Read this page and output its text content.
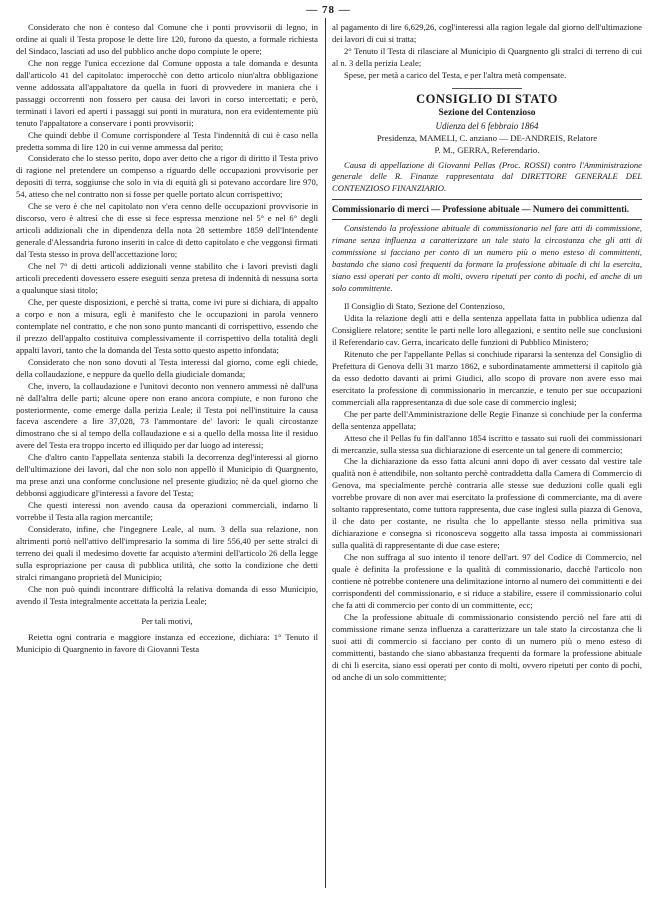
— 78 —

Considerato che non è conteso dal Comune che i ponti provvisorii di legno, in ordine ai quali il Testa propose le dette lire 120, furono da questo, a formale richiesta del Sindaco, lasciati ad uso del pubblico anche dopo compiute le opere;

Che non regge l'unica eccezione dal Comune opposta a tale domanda e desunta dall'articolo 41 del capitolato: imperocchè con detto articolo niun'altra obbligazione venne addossata all'appaltatore da quella in fuori di provvedere in maniera che i passaggi occorrenti non fossero per causa dei lavori in corso intercettati; e però, terminati i lavori ed aperti i passaggi sui ponti in muratura, non era evidentemente più tenuto l'appaltatore a conservare i ponti provvisorii;

Che quindi debbe il Comune corrispondere al Testa l'indennità di cui è caso nella predetta somma di lire 120 in cui venne ammessa dal perito;

Considerato che lo stesso perito, dopo aver detto che a rigor di diritto il Testa privo di ragione nel pretendere un compenso a riguardo delle occupazioni provvisorie per depositi di terra, soggiunse che solo in via di equità gli si potevano accordare lire 970, 54, atteso che nel contratto non si fosse per quelle portato alcun corrispettivo;

Che se vero è che nel capitolato non v'era cenno delle occupazioni provvisorie in discorso, vero è altresì che di esse si fece espressa menzione nel 5° e nel 6° degli articoli addizionali che in dipendenza della nota 28 settembre 1859 dell'Intendente generale d'Alessandria furono inseriti in calce di detto capitolato e che veggonsi firmati dal Testa stesso in prova dell'accettazione loro;

Che nel 7° di detti articoli addizionali venne stabilito che i lavori previsti dagli articoli precedenti dovessero essere eseguiti senza pretesa di indennità di nessuna sorta a qualunque siasi titolo;

Che, per queste disposizioni, e perchè si tratta, come ivi pure si dichiara, di appalto a corpo e non a misura, egli è manifesto che le occupazioni in parola vennero contemplate nel contratto, e che non sono punto mancanti di corrispettivo, essendo che il prezzo dell'appalto costituiva complessivamente il corrispettivo della totalità degli appalti lavori, tanto che la domanda del Testa sotto questo aspetto infondata;

Considerato che non sono dovuti al Testa interessi dal giorno, come egli chiede, della collaudazione, e neppure da quello della giudiciale domanda;

Che, invero, la collaudazione e l'unitovi deconto non vennero ammessi nè dall'una nè dall'altra delle parti; alcune opere non erano ancora compiute, e non furono che posteriormente, come emerge dalla perizia Leale; il Testa poi nell'instituire la causa faceva ascendere a lire 37,028, 73 l'ammontare de' lavori: le quali circostanze dimostrano che si al tempo della collaudazione e si a quello della mossa lite il residuo avere del Testa era troppo incerto ed illiquido per dar luogo ad interessi;

Che d'altro canto l'appellata sentenza stabili la decorrenza degl'interessi al giorno dell'ultimazione dei lavori, dal che non solo non appellò il Municipio di Quargnento, ma prese anzi una conforme conclusione nel presente giudizio; nè da quel giorno che debbonsi aggiudicare gl'interessi a favore del Testa;

Che questi interessi non avendo causa da operazioni commerciali, indarno li vorrebbe il Testa alla ragion mercantile;

Considerato, infine, che l'ingegnere Leale, al num. 3 della sua relazione, non altrimenti portò nell'attivo dell'impresario la somma di lire 556,40 per sette stralci di terreno dei quali il medesimo dovette far acquisto a'termini dell'articolo 26 della legge sulla espropriazione per causa di pubblica utilità, che sotto la condizione che detti stralci rimangano proprietà del Municipio;

Che non può quindi incontrare difficoltà la relativa domanda di esso Municipio, avendo il Testa integralmente accettata la perizia Leale;

Per tali motivi,

Reietta ogni contraria e maggiore instanza ed eccezione, dichiara: 1° Tenuto il Municipio di Quargnento in favore di Giovanni Testa

al pagamento di lire 6,629,26, cogl'interessi alla ragion legale dal giorno dell'ultimazione dei lavori di cui si tratta;

2° Tenuto il Testa di rilasciare al Municipio di Quargnento gli stralci di terreno di cui al n. 3 della perizia Leale;

Spese, per metà a carico del Testa, e per l'altra metà compensate.

CONSIGLIO DI STATO

Sezione del Contenzioso

Udienza del 6 febbraio 1864

Presidenza, MAMELI, C. anziano — DE-ANDREIS, Relatore

P. M., GERRA, Referendario.

Causa di appellazione di Giovanni Pellas (Proc. ROSSI) contro l'Amministrazione generale delle R. Finanze rappresentata dal DIRETTORE GENERALE DEL CONTENZIOSO FINANZIARIO.

Commissionario di merci — Professione abituale — Numero dei committenti.

Consistendo la professione abituale di commissionario nel fare atti di commissione, rimane senza influenza a caratterizzare un tale stato la circostanza che gli atti di commissione si facciano per conto di un numero più o meno esteso di committenti, bastando che siano così frequenti da formare la professione abituale di chi la esercita, siano essi operati per conto di molti, ovvero ripetuti per conto di pochi, ed anche di un solo committente.

Il Consiglio di Stato, Sezione del Contenzioso,

Udita la relazione degli atti e della sentenza appellata fatta in pubblica udienza dal Consigliere relatore; sentite le parti nelle loro allegazioni, e sentito nelle sue conclusioni il Referendario cav. Gerra, incaricato delle funzioni di Pubblico Ministero;

Ritenuto che per l'appellante Pellas si conchiude ripararsi la sentenza del Consiglio di Prefettura di Genova delli 31 marzo 1862, e subordinatamente ammettersi il capitolo già da esso dedotto davanti ai primi Giudici, allo scopo di provare non avere esso mai esercitato la professione di commissionario in mercanzie, e tenuto per sue occupazioni commerciali alla rappresentanza di due sole case di commercio inglesi;

Che per parte dell'Amministrazione delle Regie Finanze si conchiude per la conferma della sentenza appellata;

Atteso che il Pellas fu fin dall'anno 1854 iscritto e tassato sui ruoli dei commissionari di mercanzie, sulla stessa sua dichiarazione di esercente un tal genere di commercio;

Che la dichiarazione da esso fatta alcuni anni dopo di aver cessato dal vestire tale qualità non è attendibile, non soltanto perchè contraddetta dalla Camera di Commercio di Genova, ma specialmente perchè contraria alle stesse sue deduzioni colle quali egli vorrebbe provare di non aver mai esercitato la professione di commerciante, ma di avere soltanto rappresentato, come tuttora rappresenta, due case inglesi sulla piazza di Genova, il che dato per costante, ne risulta che lo appellante stesso nella primitiva sua dichiarazione e consegna si riconosceva soggetto alla tassa imposta ai commissionari sulla qualità di rappresentante di due case estere;

Che non suffraga al suo intento il tenore dell'art. 97 del Codice di Commercio, nel quale è definita la professione e la qualità di commissionario, dacchè l'articolo non contiene nè potrebbe contenere una delimitazione intorno al numero dei committenti e dei corrispondenti del commissionario, e si riduce a stabilire, essere il commissionario colui che fa atti di commercio per conto di un committente, ecc;

Che la professione abituale di commissionario consistendo perciò nel fare atti di commissione rimane senza influenza a caratterizzare un tale stato la circostanza che li suoi atti di commercio si facciano per conto di un numero più o meno esteso di committenti, bastando che siano abbastanza frequenti da formare la professione abituale di chi li esercita, siano essi operati per conto di molti, ovvero ripetuti per conto di pochi, od anche di un solo committente;
